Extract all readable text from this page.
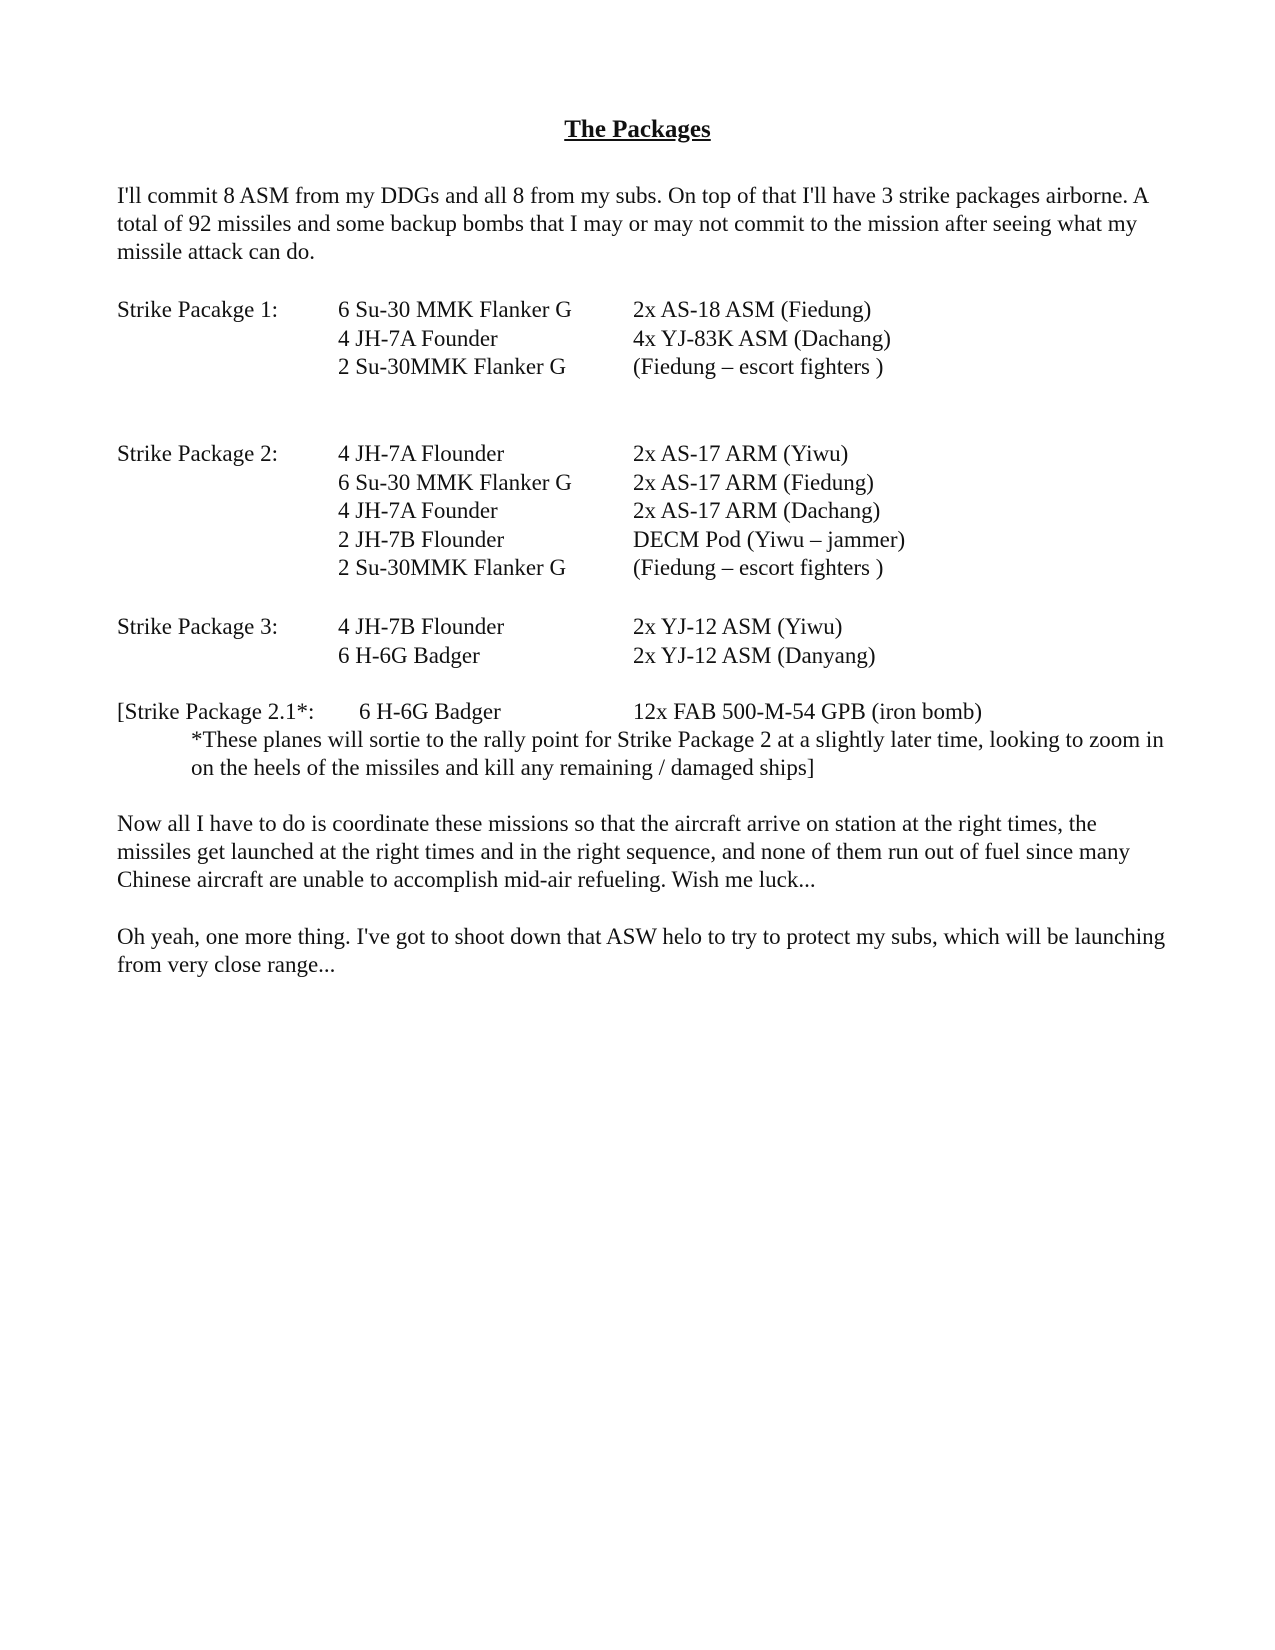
The Packages

I'll commit 8 ASM from my DDGs and all 8 from my subs. On top of that I'll have 3 strike packages airborne. A total of 92 missiles and some backup bombs that I may or may not commit to the mission after seeing what my missile attack can do.

Strike Pacakge 1:	6 Su-30 MMK Flanker G	2x AS-18 ASM (Fiedung)
4 JH-7A Founder	4x YJ-83K ASM (Dachang)
2 Su-30MMK Flanker G	(Fiedung – escort fighters )
Strike Package 2:	4 JH-7A Flounder	2x AS-17 ARM (Yiwu)
6 Su-30 MMK Flanker G	2x AS-17 ARM (Fiedung)
4 JH-7A Founder	2x AS-17 ARM (Dachang)
2 JH-7B Flounder	DECM Pod (Yiwu – jammer)
2 Su-30MMK Flanker G	(Fiedung – escort fighters )
Strike Package 3:	4 JH-7B Flounder	2x YJ-12 ASM (Yiwu)
6 H-6G Badger	2x YJ-12 ASM (Danyang)
[Strike Package 2.1*: 6 H-6G Badger	12x FAB 500-M-54 GPB (iron bomb)

*These planes will sortie to the rally point for Strike Package 2 at a slightly later time, looking to zoom in on the heels of the missiles and kill any remaining / damaged ships]

Now all I have to do is coordinate these missions so that the aircraft arrive on station at the right times, the missiles get launched at the right times and in the right sequence, and none of them run out of fuel since many Chinese aircraft are unable to accomplish mid-air refueling. Wish me luck...

Oh yeah, one more thing. I've got to shoot down that ASW helo to try to protect my subs, which will be launching from very close range...
